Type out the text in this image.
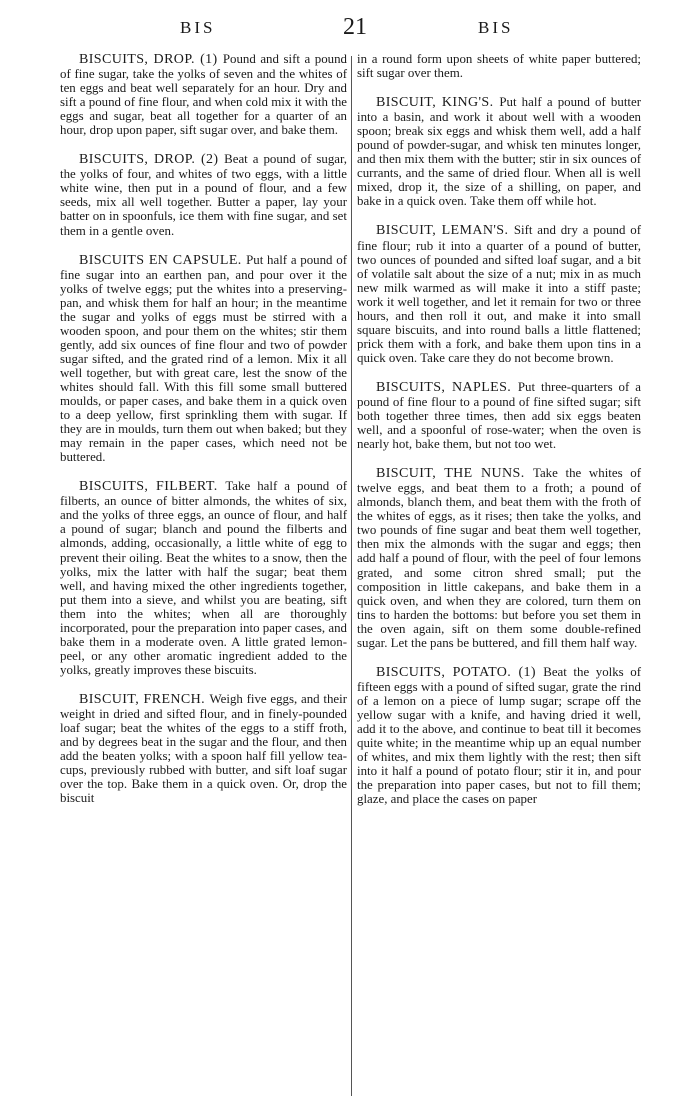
BIS	21	BIS

BISCUITS, DROP. (1) Pound and sift a pound of fine sugar, take the yolks of seven and the whites of ten eggs and beat well separately for an hour. Dry and sift a pound of fine flour, and when cold mix it with the eggs and sugar, beat all together for a quarter of an hour, drop upon paper, sift sugar over, and bake them.

BISCUITS, DROP. (2) Beat a pound of sugar, the yolks of four, and whites of two eggs, with a little white wine, then put in a pound of flour, and a few seeds, mix all well together. Butter a paper, lay your batter on in spoonfuls, ice them with fine sugar, and set them in a gentle oven.

BISCUITS EN CAPSULE. Put half a pound of fine sugar into an earthen pan, and pour over it the yolks of twelve eggs; put the whites into a preserving-pan, and whisk them for half an hour; in the meantime the sugar and yolks of eggs must be stirred with a wooden spoon, and pour them on the whites; stir them gently, add six ounces of fine flour and two of powder sugar sifted, and the grated rind of a lemon. Mix it all well together, but with great care, lest the snow of the whites should fall. With this fill some small buttered moulds, or paper cases, and bake them in a quick oven to a deep yellow, first sprinkling them with sugar. If they are in moulds, turn them out when baked; but they may remain in the paper cases, which need not be buttered.

BISCUITS, FILBERT. Take half a pound of filberts, an ounce of bitter almonds, the whites of six, and the yolks of three eggs, an ounce of flour, and half a pound of sugar; blanch and pound the filberts and almonds, adding, occasionally, a little white of egg to prevent their oiling. Beat the whites to a snow, then the yolks, mix the latter with half the sugar; beat them well, and having mixed the other ingredients together, put them into a sieve, and whilst you are beating, sift them into the whites; when all are thoroughly incorporated, pour the preparation into paper cases, and bake them in a moderate oven. A little grated lemon-peel, or any other aromatic ingredient added to the yolks, greatly improves these biscuits.

BISCUIT, FRENCH. Weigh five eggs, and their weight in dried and sifted flour, and in finely-pounded loaf sugar; beat the whites of the eggs to a stiff froth, and by degrees beat in the sugar and the flour, and then add the beaten yolks; with a spoon half fill yellow tea-cups, previously rubbed with butter, and sift loaf sugar over the top. Bake them in a quick oven. Or, drop the biscuit

in a round form upon sheets of white paper buttered; sift sugar over them.

BISCUIT, KING'S. Put half a pound of butter into a basin, and work it about well with a wooden spoon; break six eggs and whisk them well, add a half pound of powder-sugar, and whisk ten minutes longer, and then mix them with the butter; stir in six ounces of currants, and the same of dried flour. When all is well mixed, drop it, the size of a shilling, on paper, and bake in a quick oven. Take them off while hot.

BISCUIT, LEMAN'S. Sift and dry a pound of fine flour; rub it into a quarter of a pound of butter, two ounces of pounded and sifted loaf sugar, and a bit of volatile salt about the size of a nut; mix in as much new milk warmed as will make it into a stiff paste; work it well together, and let it remain for two or three hours, and then roll it out, and make it into small square biscuits, and into round balls a little flattened; prick them with a fork, and bake them upon tins in a quick oven. Take care they do not become brown.

BISCUITS, NAPLES. Put three-quarters of a pound of fine flour to a pound of fine sifted sugar; sift both together three times, then add six eggs beaten well, and a spoonful of rose-water; when the oven is nearly hot, bake them, but not too wet.

BISCUIT, THE NUNS. Take the whites of twelve eggs, and beat them to a froth; a pound of almonds, blanch them, and beat them with the froth of the whites of eggs, as it rises; then take the yolks, and two pounds of fine sugar and beat them well together, then mix the almonds with the sugar and eggs; then add half a pound of flour, with the peel of four lemons grated, and some citron shred small; put the composition in little cakepans, and bake them in a quick oven, and when they are colored, turn them on tins to harden the bottoms: but before you set them in the oven again, sift on them some double-refined sugar. Let the pans be buttered, and fill them half way.

BISCUITS, POTATO. (1) Beat the yolks of fifteen eggs with a pound of sifted sugar, grate the rind of a lemon on a piece of lump sugar; scrape off the yellow sugar with a knife, and having dried it well, add it to the above, and continue to beat till it becomes quite white; in the meantime whip up an equal number of whites, and mix them lightly with the rest; then sift into it half a pound of potato flour; stir it in, and pour the preparation into paper cases, but not to fill them; glaze, and place the cases on paper
